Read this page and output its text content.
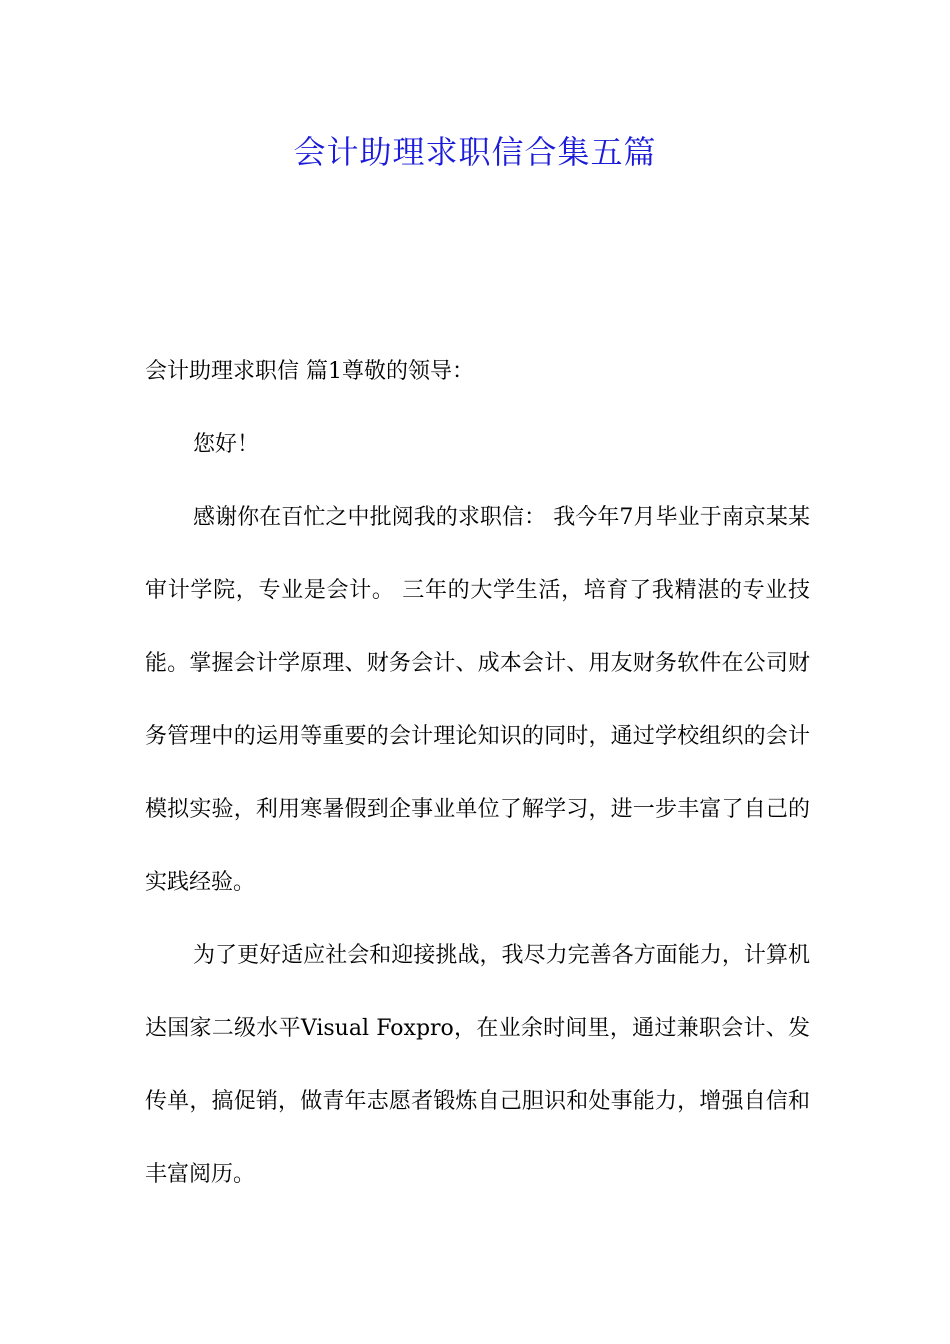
会计助理求职信合集五篇

会计助理求职信 篇1尊敬的领导：

您好！

感谢你在百忙之中批阅我的求职信： 我今年7月毕业于南京某某审计学院，专业是会计。 三年的大学生活，培育了我精湛的专业技能。掌握会计学原理、财务会计、成本会计、用友财务软件在公司财务管理中的运用等重要的会计理论知识的同时，通过学校组织的会计模拟实验，利用寒暑假到企事业单位了解学习，进一步丰富了自己的实践经验。

为了更好适应社会和迎接挑战，我尽力完善各方面能力，计算机达国家二级水平Visual Foxpro，在业余时间里，通过兼职会计、发传单，搞促销，做青年志愿者锻炼自己胆识和处事能力，增强自信和丰富阅历。
